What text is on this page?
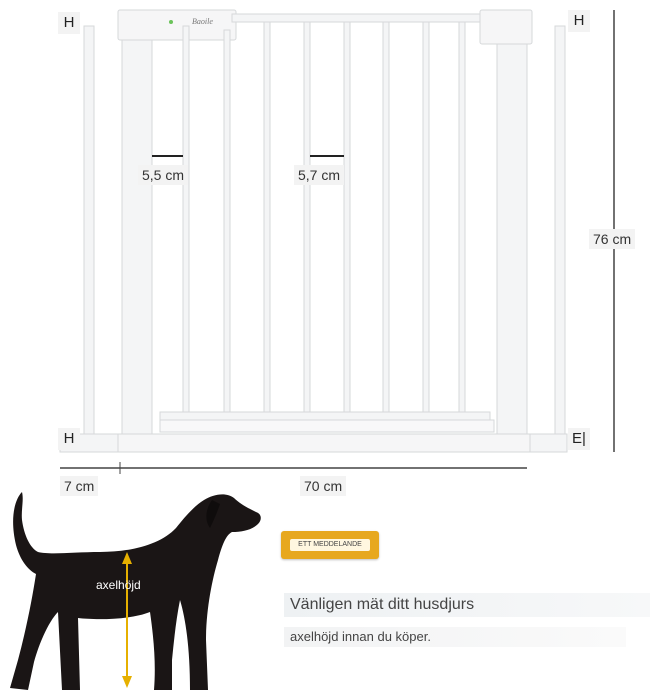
H	H
H	E|
Baoile
5,5 cm	5,7 cm
76 cm
7 cm	70 cm
axelhöjd
ETT MEDDELANDE
Vänligen mät ditt husdjurs
axelhöjd innan du köper.
